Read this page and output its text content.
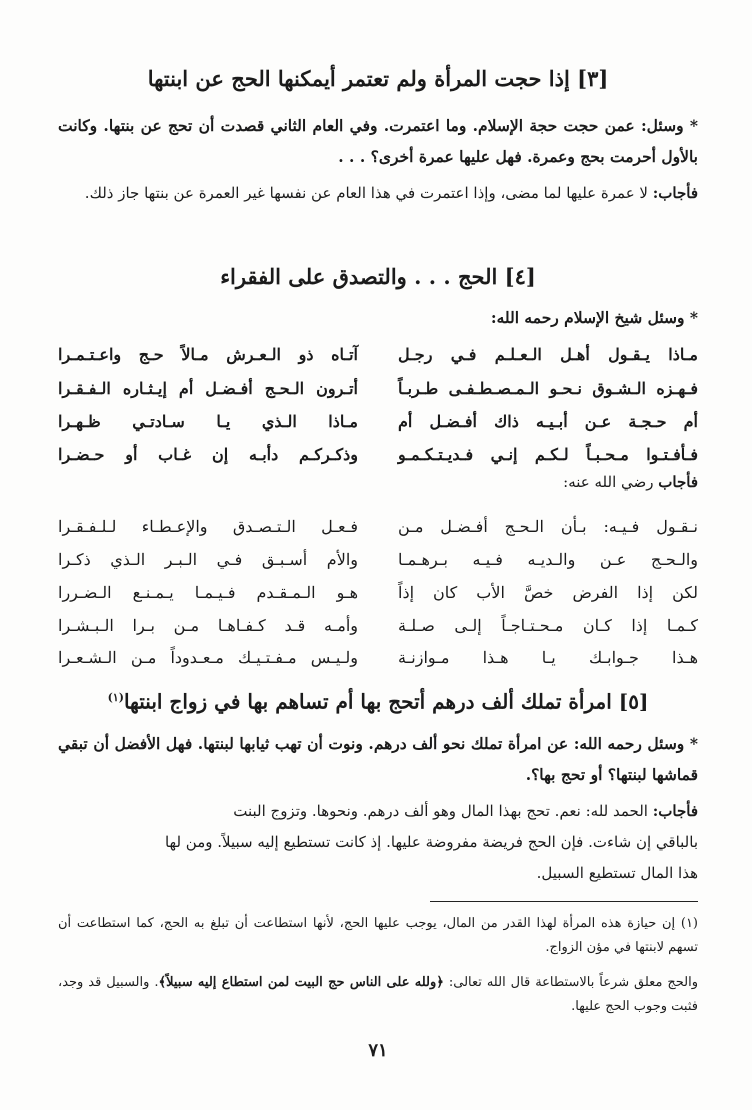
[٣] إذا حجت المرأة ولم تعتمر أيمكنها الحج عن ابنتها
* وسئل: عمن حجت حجة الإسلام. وما اعتمرت. وفي العام الثاني قصدت أن تحج عن بنتها. وكانت بالأول أحرمت بحج وعمرة. فهل عليها عمرة أخرى؟ . . .
فأجاب: لا عمرة عليها لما مضى، وإذا اعتمرت في هذا العام عن نفسها غير العمرة عن بنتها جاز ذلك.
[٤] الحج . . . والتصدق على الفقراء
* وسئل شيخ الإسلام رحمه الله:
مـاذا يـقـول أهـل الـعـلـم فـي رجـل
آتـاه ذو الـعـرش مـالاً حـج واعـتـمـرا
فـهـزه الـشـوق نـحـو الـمـصـطـفـى طـربـاً
أتـرون الـحـج أفـضـل أم إيـثـاره الـفـقـرا
أم حـجـة عـن أبـيـه ذاك أفـضـل أم
مـاذا الـذي يـا سـادتـي ظـهـرا
فـأفـتـوا مـحـبـاً لـكـم إنـي فـديـتـكـمـو
وذكـركـم دأبـه إن غـاب أو حـضـرا
فأجاب رضي الله عنه:
نـقـول فـيـه: بـأن الـحـج أفـضـل مـن
فـعـل الـتـصـدق والإعـطـاء لـلـفـقـرا
والـحـج عـن والـديـه فـيـه بـرهـمـا
والأم أسـبـق فـي الـبـر الـذي ذكـرا
لكن إذا الفرض خصَّ الأب كان إذاً
هـو الـمـقـدم فـيـمـا يـمـنـع الـضـررا
كـمـا إذا كـان مـحـتـاجـاً إلـى صـلـة
وأمـه قـد كـفـاهـا مـن بـرا الـبـشـرا
هـذا جـوابـك يـا هـذا مـوازنـة
ولـيـس مـفـتـيـك مـعـدوداً مـن الـشـعـرا
[٥] امرأة تملك ألف درهم أتحج بها أم تساهم بها في زواج ابنتها$^{(١)}$
* وسئل رحمه الله: عن امرأة تملك نحو ألف درهم. ونوت أن تهب ثيابها لبنتها. فهل الأفضل أن تبقي قماشها لبنتها؟ أو تحج بها؟.
فأجاب: الحمد لله: نعم. تحج بهذا المال وهو ألف درهم. ونحوها. وتزوج البنت
بالباقي إن شاءت. فإن الحج فريضة مفروضة عليها. إذ كانت تستطيع إليه سبيلاً. ومن لها
هذا المال تستطيع السبيل.
(١) إن حيازة هذه المرأة لهذا القدر من المال، يوجب عليها الحج، لأنها استطاعت أن تبلغ به الحج، كما استطاعت أن تسهم لابنتها في مؤن الزواج.
والحج معلق شرعاً بالاستطاعة قال الله تعالى: ﴿ولله على الناس حج البيت لمن استطاع إليه سبيلاً﴾. والسبيل قد وجد، فثبت وجوب الحج عليها.
٧١
